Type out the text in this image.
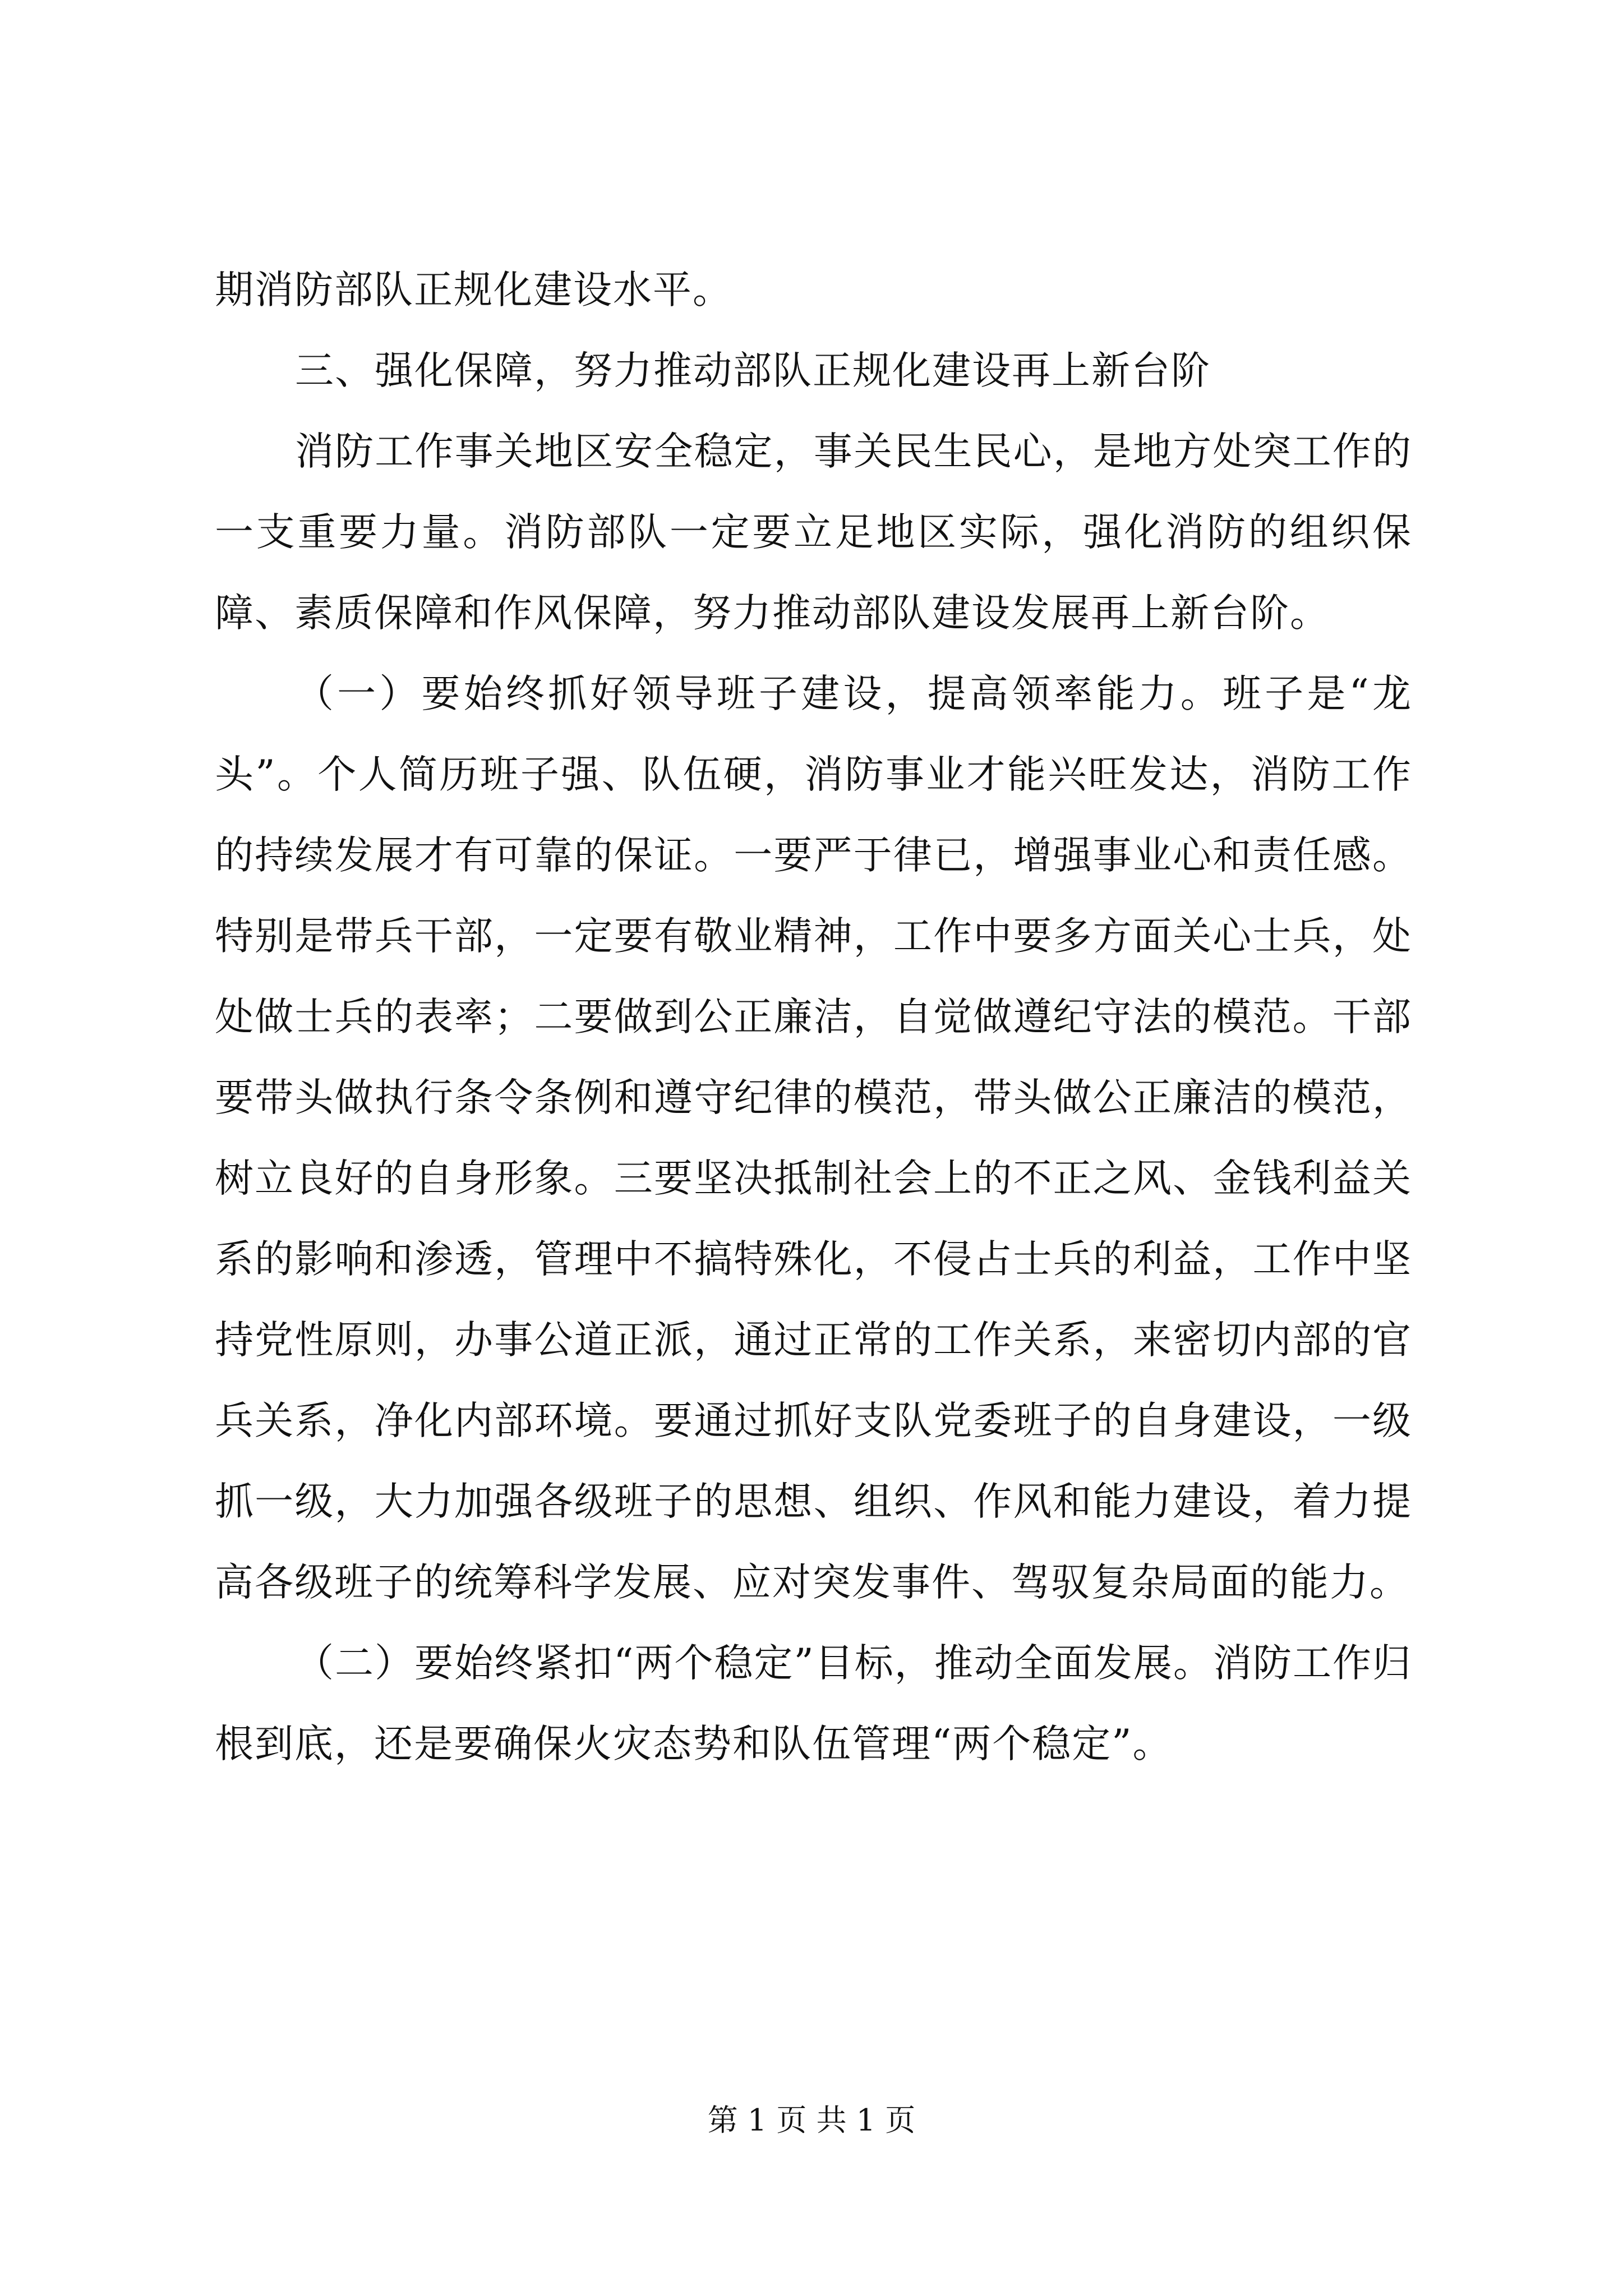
期消防部队正规化建设水平。

三、强化保障，努力推动部队正规化建设再上新台阶

消防工作事关地区安全稳定，事关民生民心，是地方处突工作的一支重要力量。消防部队一定要立足地区实际，强化消防的组织保障、素质保障和作风保障，努力推动部队建设发展再上新台阶。

（一）要始终抓好领导班子建设，提高领率能力。班子是“龙头”。个人简历班子强、队伍硬，消防事业才能兴旺发达，消防工作的持续发展才有可靠的保证。一要严于律已，增强事业心和责任感。特别是带兵干部，一定要有敬业精神，工作中要多方面关心士兵，处处做士兵的表率；二要做到公正廉洁，自觉做遵纪守法的模范。干部要带头做执行条令条例和遵守纪律的模范，带头做公正廉洁的模范，树立良好的自身形象。三要坚决抵制社会上的不正之风、金钱利益关系的影响和渗透，管理中不搞特殊化，不侵占士兵的利益，工作中坚持党性原则，办事公道正派，通过正常的工作关系，来密切内部的官兵关系，净化内部环境。要通过抓好支队党委班子的自身建设，一级抓一级，大力加强各级班子的思想、组织、作风和能力建设，着力提高各级班子的统筹科学发展、应对突发事件、驾驭复杂局面的能力。

（二）要始终紧扣“两个稳定”目标，推动全面发展。消防工作归根到底，还是要确保火灾态势和队伍管理“两个稳定”。

第 1 页 共 1 页
